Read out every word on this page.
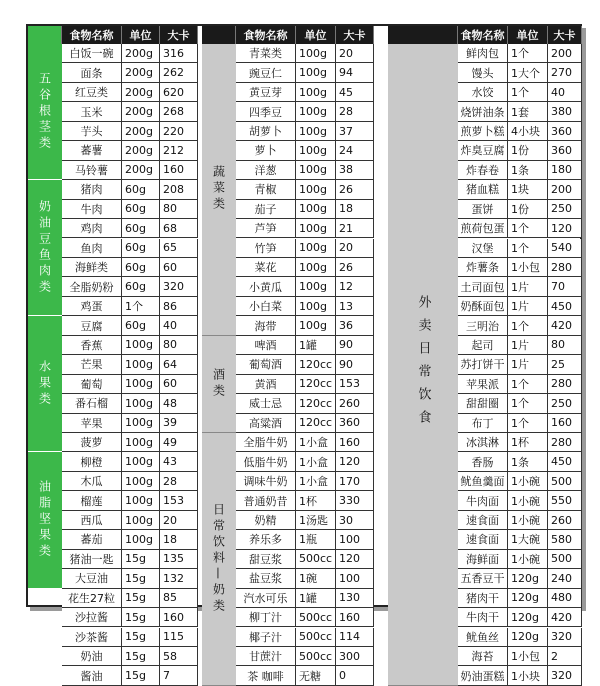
食物名称	单位	大卡
五谷根茎类
奶油豆鱼肉类
水果类
油脂坚果类
白饭一碗	200g 316
面条	200g 262
红豆类	200g 620
玉米	200g 268
芋头	200g 220
蕃薯	200g 212
马铃薯	200g 160
猪肉	60g	208
牛肉	60g	80
鸡肉	60g	68
鱼肉	60g	65
海鲜类	60g	60
全脂奶粉	60g	320
鸡蛋	1个	86
豆腐	60g	40
香蕉	100g 80
芒果	100g 64
葡萄	100g 60
番石榴	100g 48
苹果	100g 39
菠萝	100g 49
柳橙	100g 43
木瓜	100g 28
榴莲	100g 153
西瓜	100g 20
蕃茄	100g 18
猪油一匙	15g	135
大豆油	15g	132
花生27粒 15g	85
沙拉酱	15g	160
沙茶酱	15g	115
奶油	15g	58
酱油	15g	7
食物名称	单位	大卡
蔬菜类
酒类
日常饮料—奶类
青菜类	100g	20
豌豆仁	100g	94
黄豆芽	100g	45
四季豆	100g	28
胡萝卜	100g	37
萝卜	100g	24
洋葱	100g	38
青椒	100g	26
茄子	100g	18
芦笋	100g	21
竹笋	100g	20
菜花	100g	26
小黄瓜	100g	12
小白菜	100g	13
海带	100g	36
啤酒	1罐	90
葡萄酒	120cc 90
黄酒	120cc 153
威士忌	120cc 260
高粱酒	120cc 360
全脂牛奶	1小盒	160
低脂牛奶	1小盒	120
调味牛奶	1小盒	170
普通奶昔	1杯	330
奶精	1汤匙	30
养乐多	1瓶	100
甜豆浆	500cc 120
盐豆浆	1碗	100
汽水可乐	1罐	130
柳丁汁	500cc 160
椰子汁	500cc 114
甘蔗汁	500cc 300
茶 咖啡	无糖	0
食物名称	单位	大卡
外卖日常饮食
鲜肉包	1个	200
馒头	1大个	270
水饺	1个	40
烧饼油条 1套	380
煎萝卜糕 4小块	360
炸臭豆腐 1份	360
炸春卷	1条	180
猪血糕	1块	200
蛋饼	1份	250
煎荷包蛋 1个	120
汉堡	1个	540
炸薯条	1小包	280
土司面包 1片	70
奶酥面包 1片	450
三明治	1个	420
起司	1片	80
苏打饼干 1片	25
苹果派	1个	280
甜甜圈	1个	250
布丁	1个	160
冰淇淋	1杯	280
香肠	1条	450
鱿鱼羹面 1小碗	500
牛肉面	1小碗	550
速食面	1小碗	260
速食面	1大碗	580
海鲜面	1小碗	500
五香豆干 120g	240
猪肉干	120g	480
牛肉干	120g	420
鱿鱼丝	120g	320
海苔	1小包	2
奶油蛋糕 1小块	320
